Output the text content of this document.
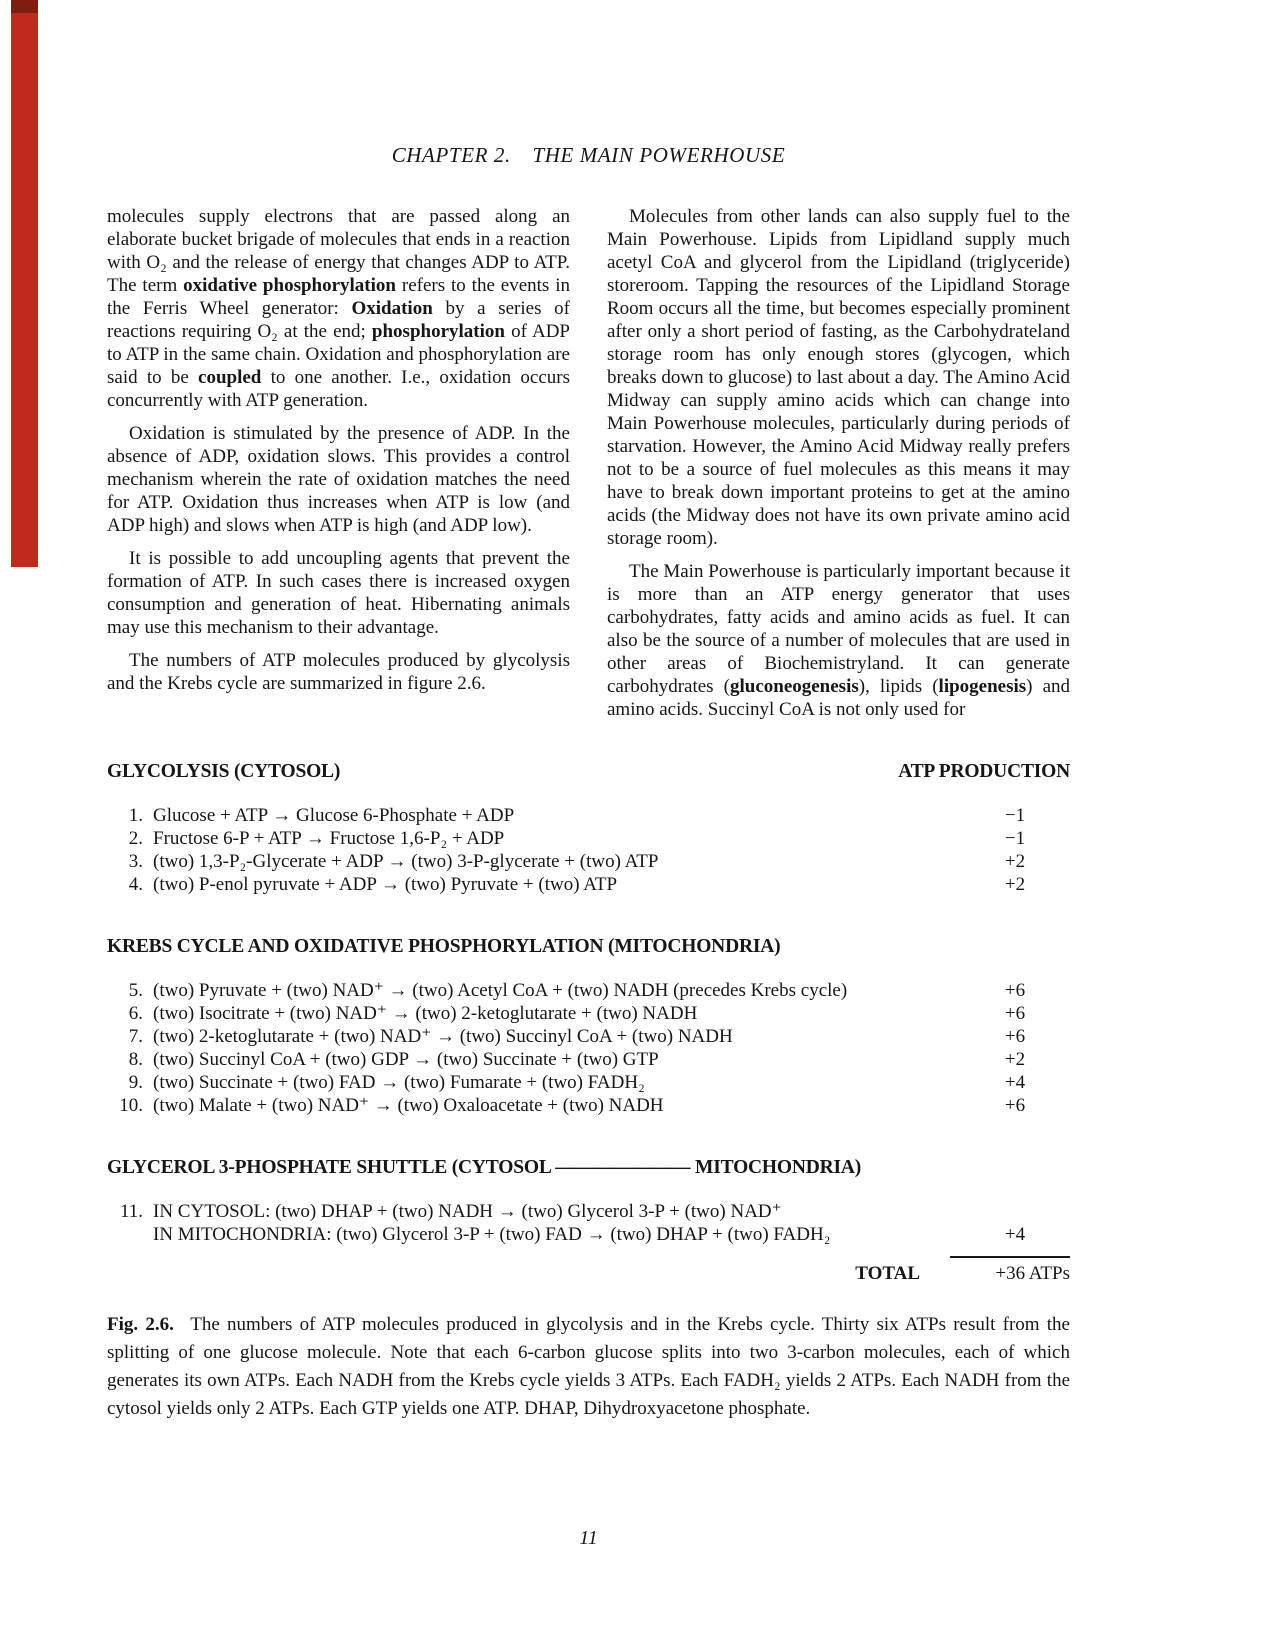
CHAPTER 2. THE MAIN POWERHOUSE

molecules supply electrons that are passed along an elaborate bucket brigade of molecules that ends in a reaction with O₂ and the release of energy that changes ADP to ATP. The term oxidative phosphorylation refers to the events in the Ferris Wheel generator: Oxidation by a series of reactions requiring O₂ at the end; phosphorylation of ADP to ATP in the same chain. Oxidation and phosphorylation are said to be coupled to one another. I.e., oxidation occurs concurrently with ATP generation.

Oxidation is stimulated by the presence of ADP. In the absence of ADP, oxidation slows. This provides a control mechanism wherein the rate of oxidation matches the need for ATP. Oxidation thus increases when ATP is low (and ADP high) and slows when ATP is high (and ADP low).

It is possible to add uncoupling agents that prevent the formation of ATP. In such cases there is increased oxygen consumption and generation of heat. Hibernating animals may use this mechanism to their advantage.

The numbers of ATP molecules produced by glycolysis and the Krebs cycle are summarized in figure 2.6.

Molecules from other lands can also supply fuel to the Main Powerhouse. Lipids from Lipidland supply much acetyl CoA and glycerol from the Lipidland (triglyceride) storeroom. Tapping the resources of the Lipidland Storage Room occurs all the time, but becomes especially prominent after only a short period of fasting, as the Carbohydrateland storage room has only enough stores (glycogen, which breaks down to glucose) to last about a day. The Amino Acid Midway can supply amino acids which can change into Main Powerhouse molecules, particularly during periods of starvation. However, the Amino Acid Midway really prefers not to be a source of fuel molecules as this means it may have to break down important proteins to get at the amino acids (the Midway does not have its own private amino acid storage room).

The Main Powerhouse is particularly important because it is more than an ATP energy generator that uses carbohydrates, fatty acids and amino acids as fuel. It can also be the source of a number of molecules that are used in other areas of Biochemistryland. It can generate carbohydrates (gluconeogenesis), lipids (lipogenesis) and amino acids. Succinyl CoA is not only used for

GLYCOLYSIS (CYTOSOL)	ATP PRODUCTION
1. Glucose + ATP → Glucose 6-Phosphate + ADP	−1
2. Fructose 6-P + ATP → Fructose 1,6-P₂ + ADP	−1
3. (two) 1,3-P₂-Glycerate + ADP → (two) 3-P-glycerate + (two) ATP	+2
4. (two) P-enol pyruvate + ADP → (two) Pyruvate + (two) ATP	+2
KREBS CYCLE AND OXIDATIVE PHOSPHORYLATION (MITOCHONDRIA)
5. (two) Pyruvate + (two) NAD⁺ → (two) Acetyl CoA + (two) NADH (precedes Krebs cycle)	+6
6. (two) Isocitrate + (two) NAD⁺ → (two) 2-ketoglutarate + (two) NADH	+6
7. (two) 2-ketoglutarate + (two) NAD⁺ → (two) Succinyl CoA + (two) NADH	+6
8. (two) Succinyl CoA + (two) GDP → (two) Succinate + (two) GTP	+2
9. (two) Succinate + (two) FAD → (two) Fumarate + (two) FADH₂	+4
10. (two) Malate + (two) NAD⁺ → (two) Oxaloacetate + (two) NADH	+6
GLYCEROL 3-PHOSPHATE SHUTTLE (CYTOSOL ——————— MITOCHONDRIA)
11. IN CYTOSOL: (two) DHAP + (two) NADH → (two) Glycerol 3-P + (two) NAD⁺
IN MITOCHONDRIA: (two) Glycerol 3-P + (two) FAD → (two) DHAP + (two) FADH₂	+4
TOTAL	+36 ATPs
Fig. 2.6.  The numbers of ATP molecules produced in glycolysis and in the Krebs cycle. Thirty six ATPs result from the splitting of one glucose molecule. Note that each 6-carbon glucose splits into two 3-carbon molecules, each of which generates its own ATPs. Each NADH from the Krebs cycle yields 3 ATPs. Each FADH₂ yields 2 ATPs. Each NADH from the cytosol yields only 2 ATPs. Each GTP yields one ATP. DHAP, Dihydroxyacetone phosphate.
11
